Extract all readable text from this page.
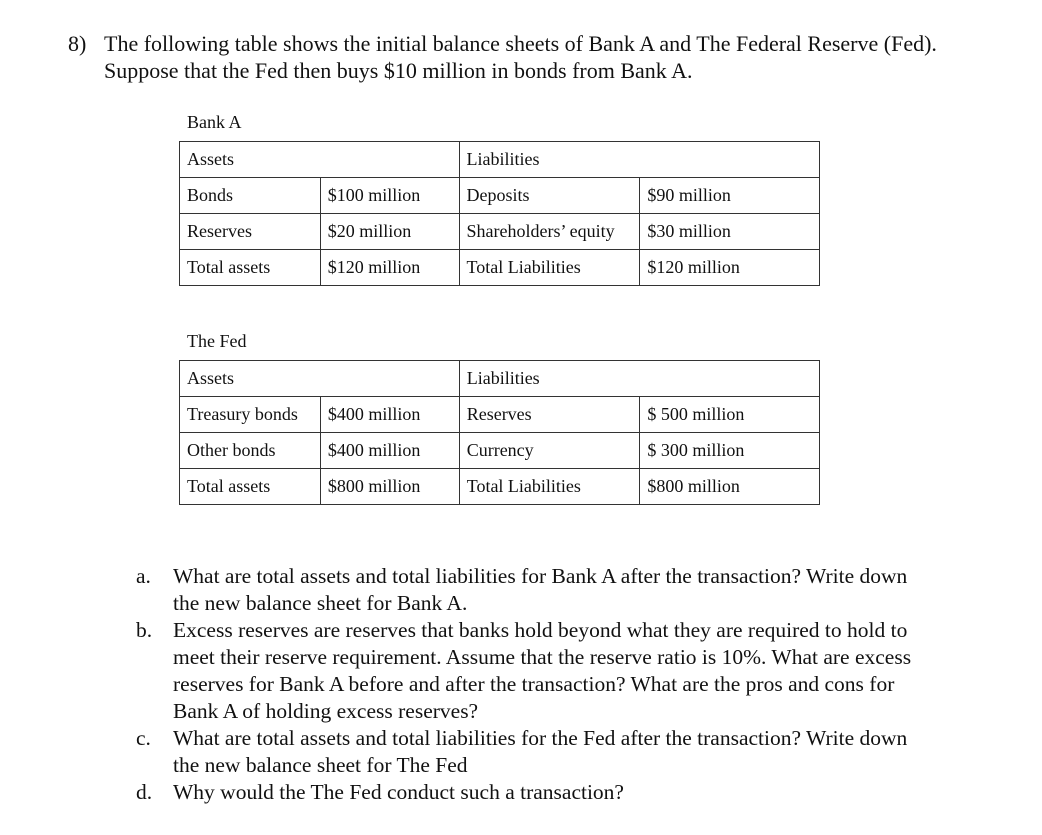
8) The following table shows the initial balance sheets of Bank A and The Federal Reserve (Fed). Suppose that the Fed then buys $10 million in bonds from Bank A.
Bank A
Assets		Liabilities	
Bonds	$100 million	Deposits	$90 million
Reserves	$20 million	Shareholders’ equity	$30 million
Total assets	$120 million	Total Liabilities	$120 million
The Fed
Assets		Liabilities	
Treasury bonds	$400 million	Reserves	$ 500 million
Other bonds	$400 million	Currency	$ 300 million
Total assets	$800 million	Total Liabilities	$800 million
a. What are total assets and total liabilities for Bank A after the transaction? Write down the new balance sheet for Bank A.
b. Excess reserves are reserves that banks hold beyond what they are required to hold to meet their reserve requirement. Assume that the reserve ratio is 10%. What are excess reserves for Bank A before and after the transaction? What are the pros and cons for Bank A of holding excess reserves?
c. What are total assets and total liabilities for the Fed after the transaction? Write down the new balance sheet for The Fed
d. Why would the The Fed conduct such a transaction?
